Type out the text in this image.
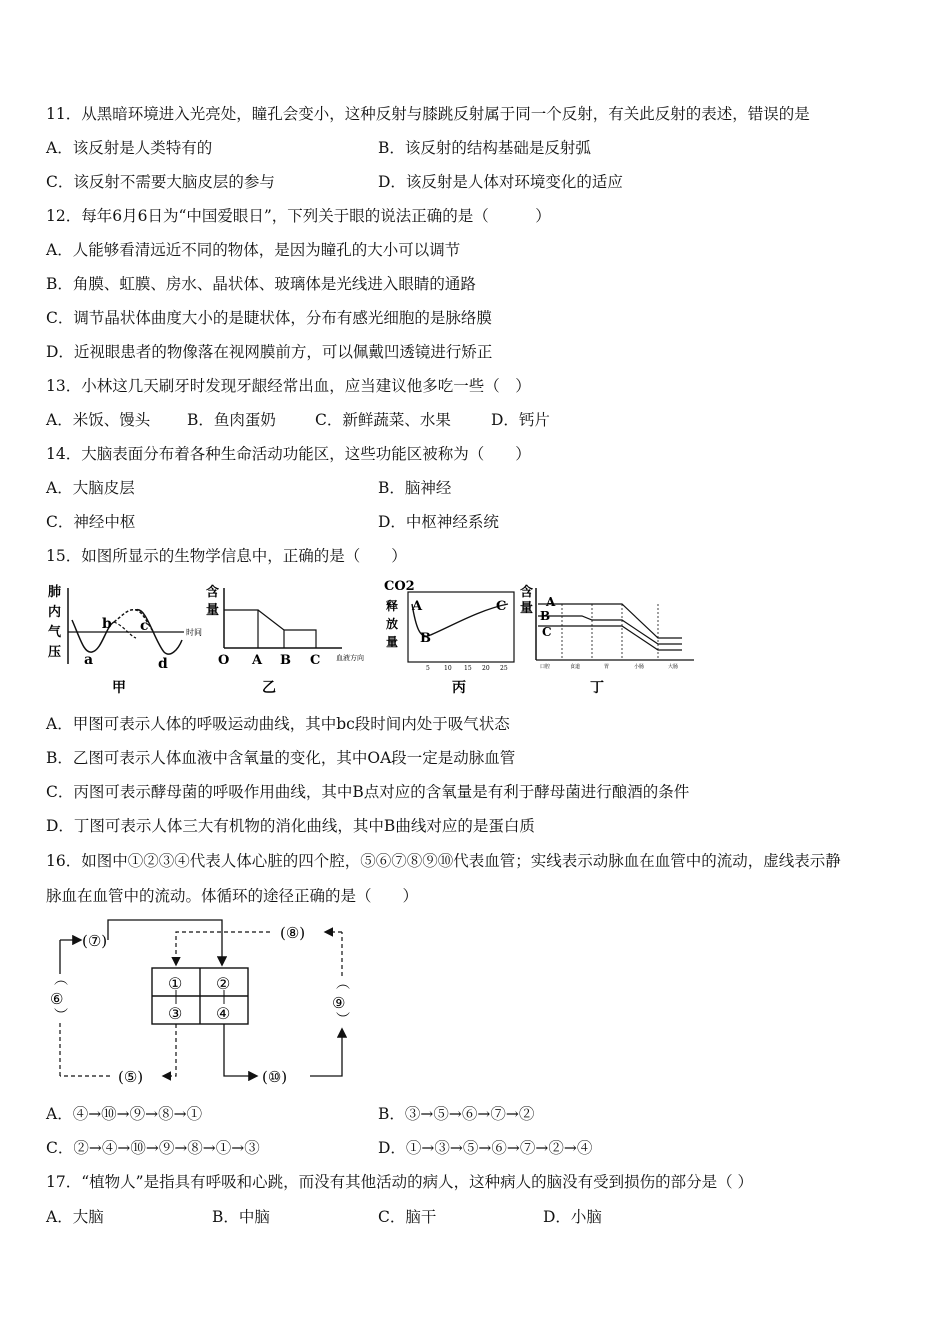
11．从黑暗环境进入光亮处，瞳孔会变小，这种反射与膝跳反射属于同一个反射，有关此反射的表述，错误的是
A．该反射是人类特有的	B．该反射的结构基础是反射弧
C．该反射不需要大脑皮层的参与	D．该反射是人体对环境变化的适应
12．每年6月6日为“中国爱眼日”，下列关于眼的说法正确的是（　　　）
A．人能够看清远近不同的物体，是因为瞳孔的大小可以调节
B．角膜、虹膜、房水、晶状体、玻璃体是光线进入眼睛的通路
C．调节晶状体曲度大小的是睫状体，分布有感光细胞的是脉络膜
D．近视眼患者的物像落在视网膜前方，可以佩戴凹透镜进行矫正
13．小林这几天刷牙时发现牙龈经常出血，应当建议他多吃一些（　）
A．米饭、馒头 B．鱼肉蛋奶	C．新鲜蔬菜、水果	D．钙片
14．大脑表面分布着各种生命活动功能区，这些功能区被称为（　　）
A．大脑皮层	B．脑神经
C．神经中枢	D．中枢神经系统
15．如图所显示的生物学信息中，正确的是（　　）
肺
内
气
压
时间
a
b c
d
甲
含
量
血液方向
O A B C
乙
CO2
释
放
量
A
B
C
5 10 15 20 25
丙
含
量 A
B
C
口腔	食道	胃	小肠	大肠
丁
A．甲图可表示人体的呼吸运动曲线，其中bc段时间内处于吸气状态
B．乙图可表示人体血液中含氧量的变化，其中OA段一定是动脉血管
C．丙图可表示酵母菌的呼吸作用曲线，其中B点对应的含氧量是有利于酵母菌进行酿酒的条件
D．丁图可表示人体三大有机物的消化曲线，其中B曲线对应的是蛋白质
16．如图中①②③④代表人体心脏的四个腔，⑤⑥⑦⑧⑨⑩代表血管；实线表示动脉血在血管中的流动，虚线表示静
脉血在血管中的流动。体循环的途径正确的是（　　）
① ②
③ ④
(⑦)
(⑩)
⑨
︵
︶
(⑧)
(⑤)
⑥
︵
︶
A．④→⑩→⑨→⑧→①	B．③→⑤→⑥→⑦→②
C．②→④→⑩→⑨→⑧→①→③	D．①→③→⑤→⑥→⑦→②→④
17．“植物人”是指具有呼吸和心跳，而没有其他活动的病人，这种病人的脑没有受到损伤的部分是（ ）
A．大脑	B．中脑	C．脑干	D．小脑
